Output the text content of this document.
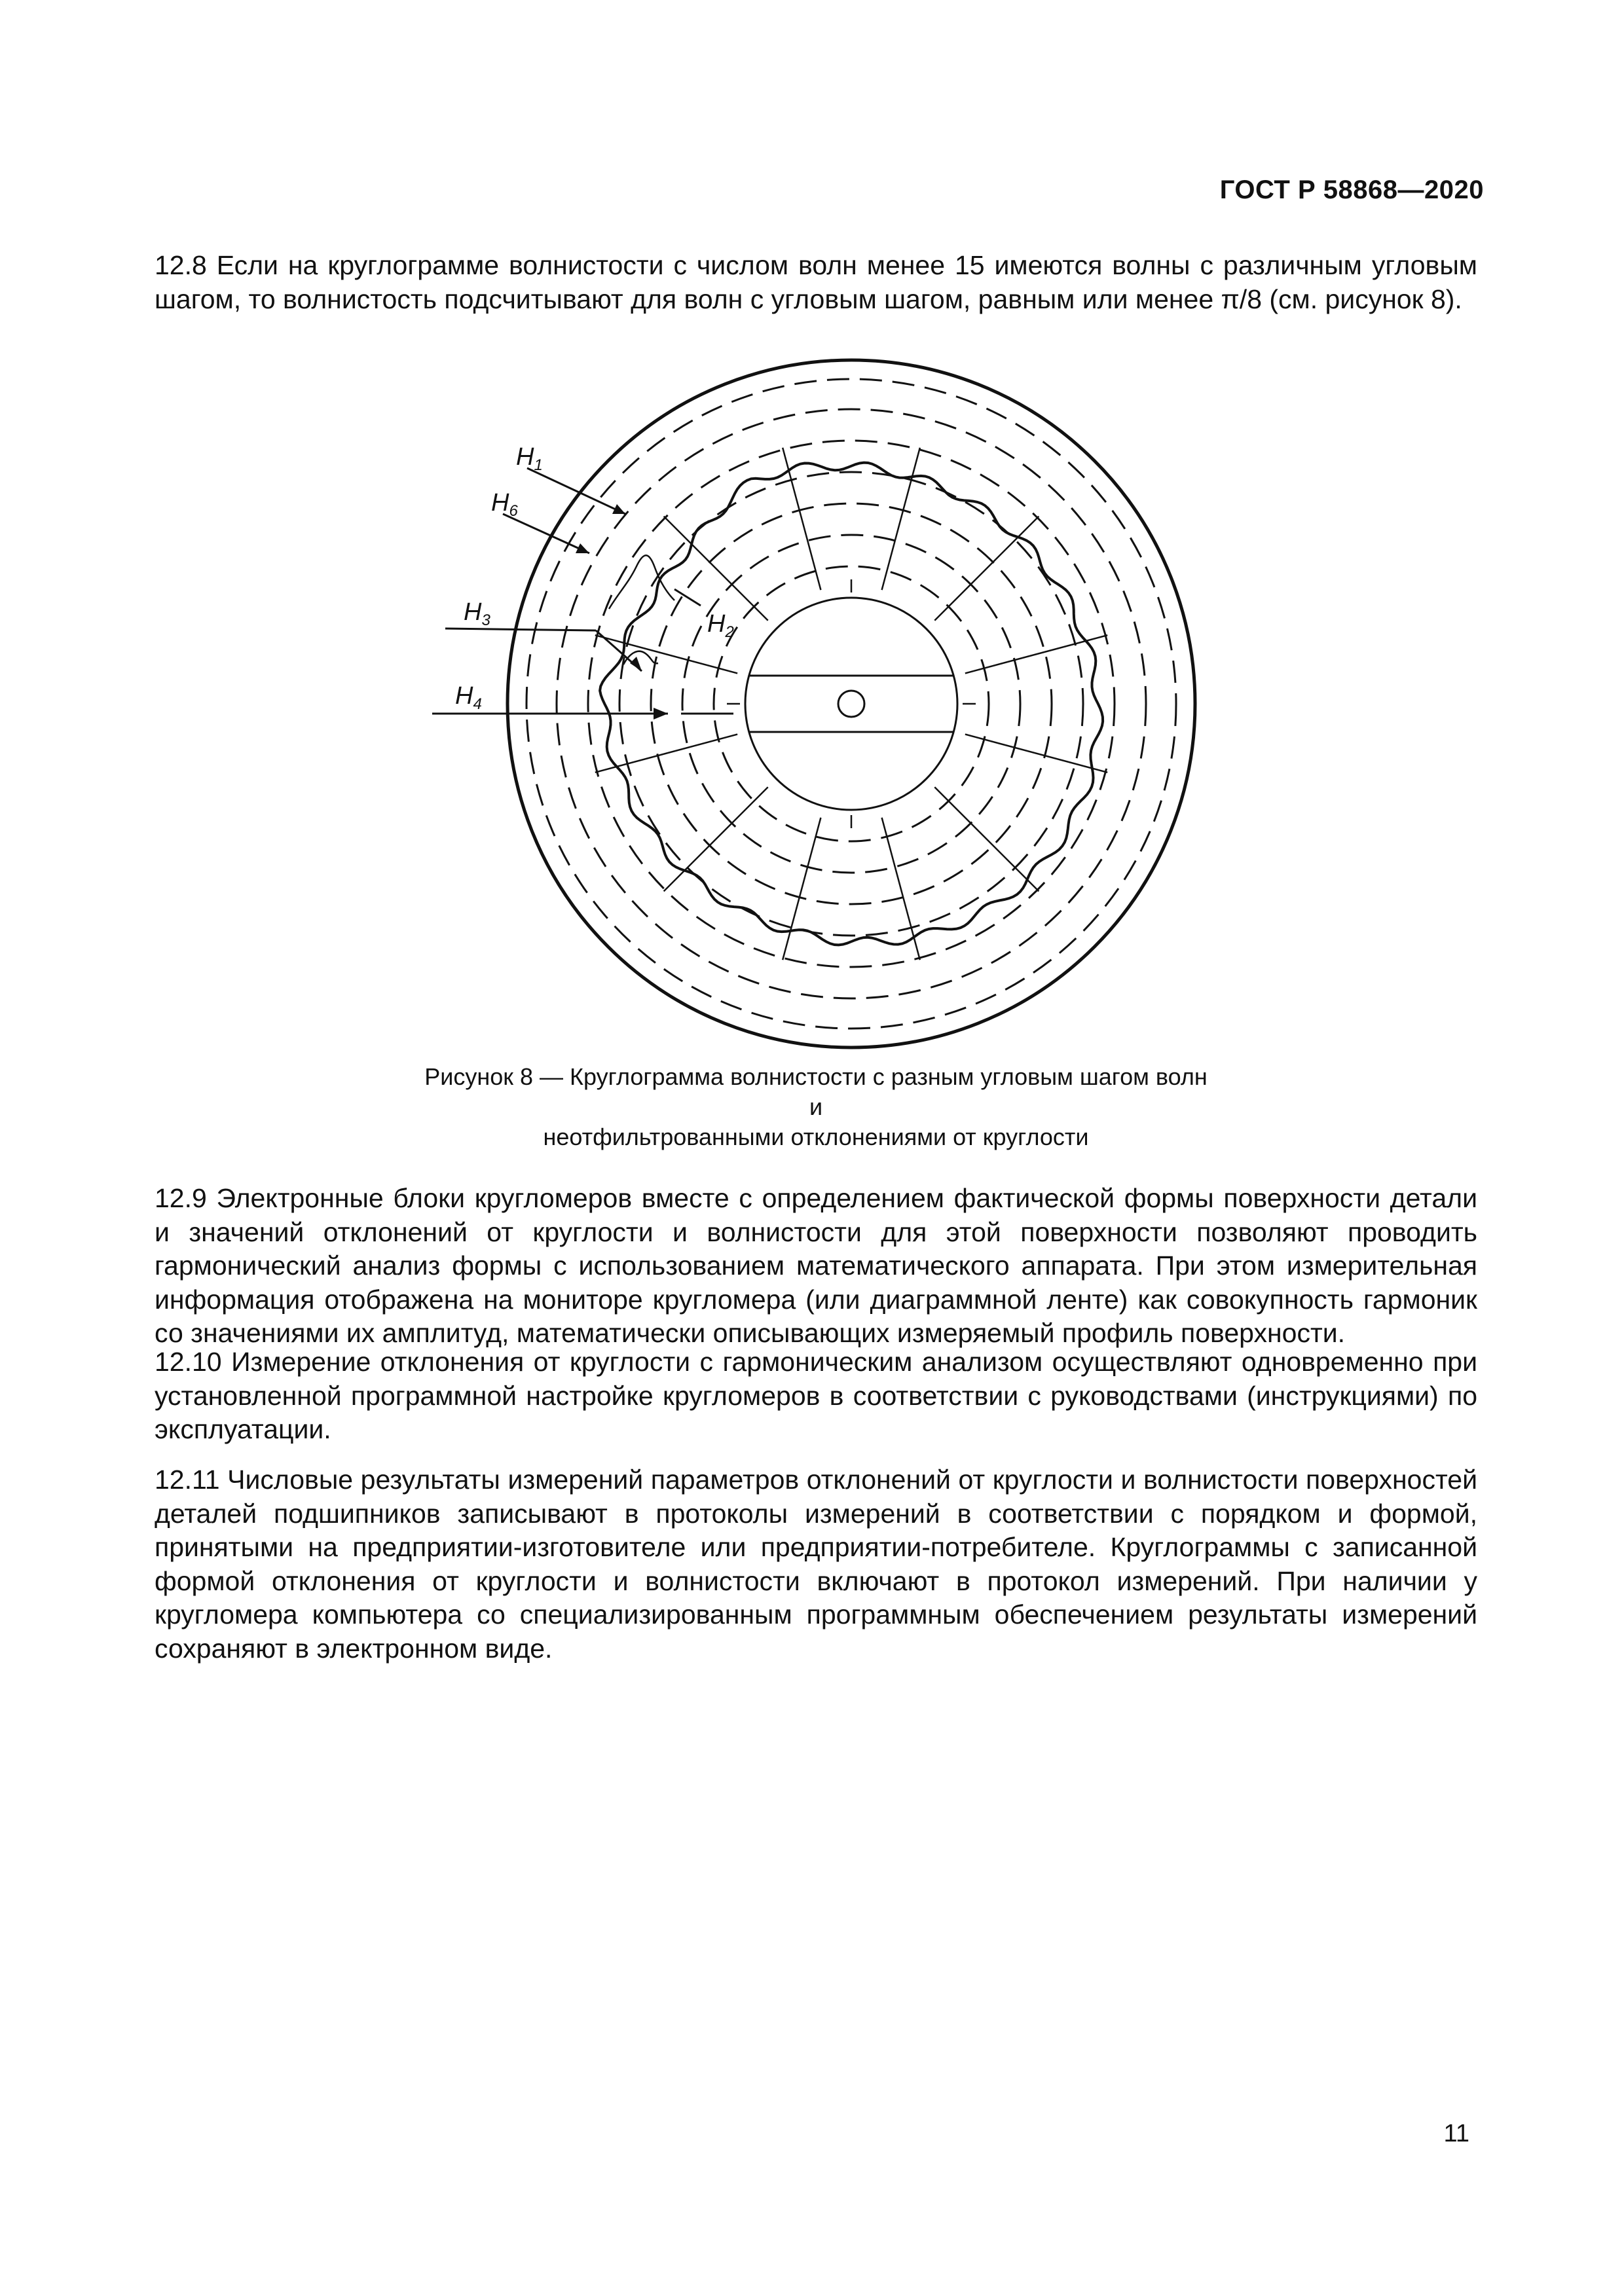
ГОСТ Р 58868—2020

12.8 Если на круглограмме волнистости с числом волн менее 15 имеются волны с различным угловым шагом, то волнистость подсчитывают для волн с угловым шагом, равным или менее π/8 (см. рисунок 8).

$H_6$
$H_1$
$H_2$
$H_3$
$H_4$
Рисунок 8 — Круглограмма волнистости с разным угловым шагом волн
и
неотфильтрованными отклонениями от круглости

12.9 Электронные блоки кругломеров вместе с определением фактической формы поверхности детали и значений отклонений от круглости и волнистости для этой поверхности позволяют проводить гармонический анализ формы с использованием математического аппарата. При этом измерительная информация отображена на мониторе кругломера (или диаграммной ленте) как совокупность гармоник со значениями их амплитуд, математически описывающих измеряемый профиль поверхности.

12.10 Измерение отклонения от круглости с гармоническим анализом осуществляют одновременно при установленной программной настройке кругломеров в соответствии с руководствами (инструкциями) по эксплуатации.

12.11 Числовые результаты измерений параметров отклонений от круглости и волнистости поверхностей деталей подшипников записывают в протоколы измерений в соответствии с порядком и формой, принятыми на предприятии-изготовителе или предприятии-потребителе. Круглограммы с записанной формой отклонения от круглости и волнистости включают в протокол измерений. При наличии у кругломера компьютера со специализированным программным обеспечением результаты измерений сохраняют в электронном виде.

11
